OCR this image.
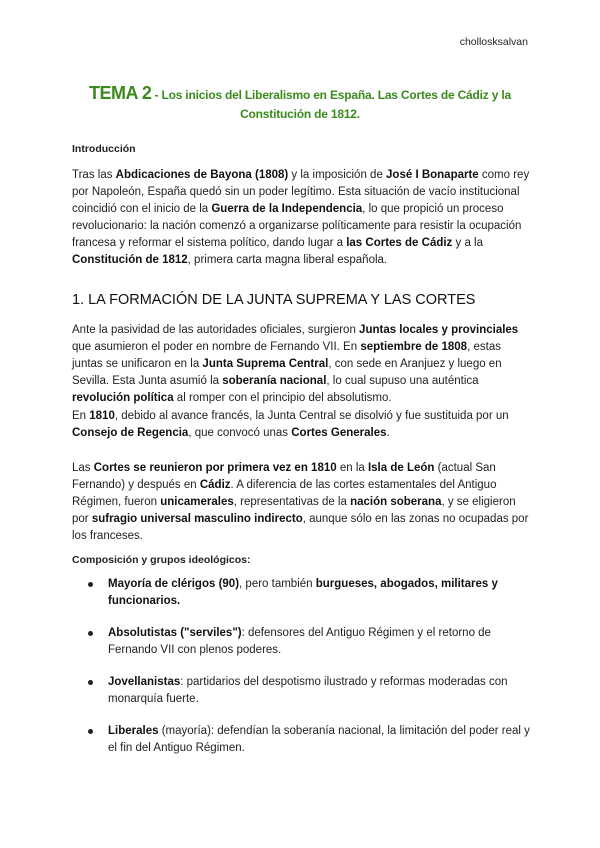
chollosksalvan
TEMA 2 - Los inicios del Liberalismo en España. Las Cortes de Cádiz y la
Constitución de 1812.
Introducción

Tras las Abdicaciones de Bayona (1808) y la imposición de José I Bonaparte como rey por Napoleón, España quedó sin un poder legítimo. Esta situación de vacío institucional coincidió con el inicio de la Guerra de la Independencia, lo que propició un proceso revolucionario: la nación comenzó a organizarse políticamente para resistir la ocupación francesa y reformar el sistema político, dando lugar a las Cortes de Cádiz y a la Constitución de 1812, primera carta magna liberal española.

1. LA FORMACIÓN DE LA JUNTA SUPREMA Y LAS CORTES

Ante la pasividad de las autoridades oficiales, surgieron Juntas locales y provinciales que asumieron el poder en nombre de Fernando VII. En septiembre de 1808, estas juntas se unificaron en la Junta Suprema Central, con sede en Aranjuez y luego en Sevilla. Esta Junta asumió la soberanía nacional, lo cual supuso una auténtica revolución política al romper con el principio del absolutismo.

En 1810, debido al avance francés, la Junta Central se disolvió y fue sustituida por un Consejo de Regencia, que convocó unas Cortes Generales.

Las Cortes se reunieron por primera vez en 1810 en la Isla de León (actual San Fernando) y después en Cádiz. A diferencia de las cortes estamentales del Antiguo Régimen, fueron unicamerales, representativas de la nación soberana, y se eligieron por sufragio universal masculino indirecto, aunque sólo en las zonas no ocupadas por los franceses.

Composición y grupos ideológicos:
Mayoría de clérigos (90), pero también burgueses, abogados, militares y funcionarios.
Absolutistas ("serviles"): defensores del Antiguo Régimen y el retorno de Fernando VII con plenos poderes.
Jovellanistas: partidarios del despotismo ilustrado y reformas moderadas con monarquía fuerte.
Liberales (mayoría): defendían la soberanía nacional, la limitación del poder real y el fin del Antiguo Régimen.
